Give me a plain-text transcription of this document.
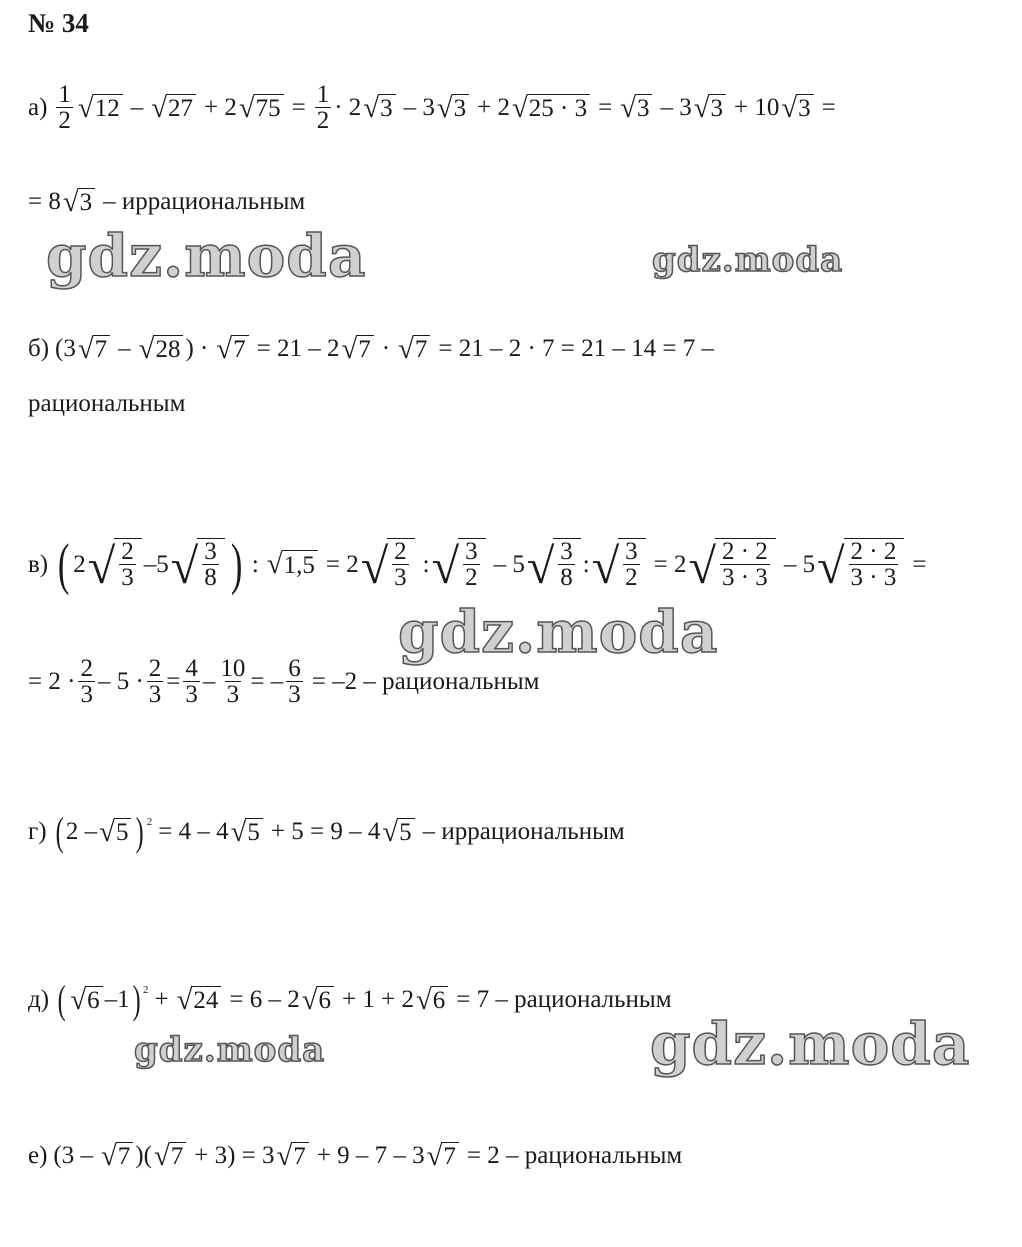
№ 34
$а) \frac{1}{2}$ √ 12 – √ 27 + 2 √ $75 = \frac{1}{2} \cdot 2$ √ 3 – 3 √ 3 + 2 √ 25 · 3 = √ 3 – 3 √ 3 + 10 √ 3 =
= 8 √ 3 – иррациональным
б) (3 √ 7 – √ 28 ) · √ 7 = 21 – 2 √ 7 · √ 7 = 21 – 2 · 7 = 21 – 14 = 7 –
рациональным
в) ( 2 √ $\frac{2}{3} -5$ √ $\frac{3}{8}$ ) : √ 1,5 = 2 √ $\frac{2}{3}$ : √ $\frac{3}{2} - 5$ √ $\frac{3}{8}$ : √ $\frac{3}{2} = 2$ √ $\frac{2 \cdot 2}{3 \cdot 3} - 5$ √ $\frac{2 \cdot 2}{3 \cdot 3}$ =
= $2 \cdot \frac{2}{3} - 5 \cdot \frac{2}{3} = \frac{4}{3} - \frac{10}{3}$ = – $\frac{6}{3} = -2$ – рациональным
г) ( 2 – √ 5 ) 2 = 4 – 4 √ 5 + 5 = 9 – 4 √ 5 – иррациональным
д) ( √ 6 –1 ) 2 + √ 24 = 6 – 2 √ 6 + 1 + 2 √ 6 = 7 – рациональным
е) (3 – √ 7 )( √ 7 + 3) = 3 √ 7 + 9 – 7 – 3 √ 7 = 2 – рациональным
gdz.moda	gdz.moda
gdz.moda
gdz.moda	gdz.moda
